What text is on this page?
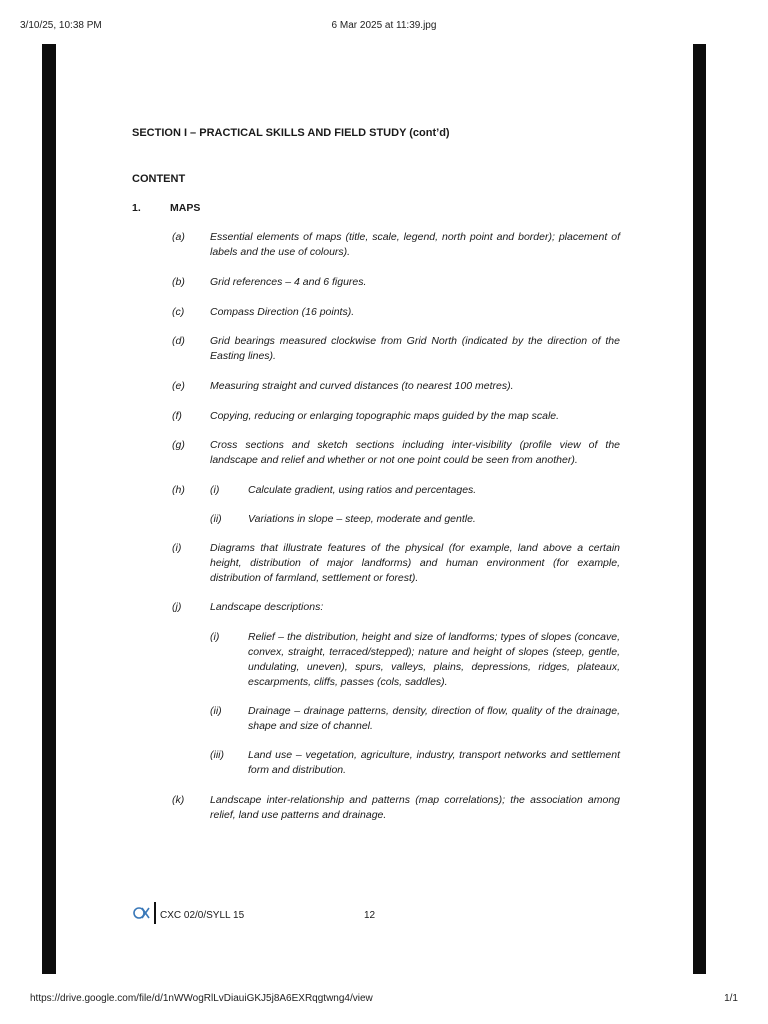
3/10/25, 10:38 PM	6 Mar 2025 at 11:39.jpg
SECTION I – PRACTICAL SKILLS AND FIELD STUDY (cont’d)
CONTENT
1.	MAPS
(a)	Essential elements of maps (title, scale, legend, north point and border); placement of labels and the use of colours).
(b)	Grid references – 4 and 6 figures.
(c)	Compass Direction (16 points).
(d)	Grid bearings measured clockwise from Grid North (indicated by the direction of the Easting lines).
(e)	Measuring straight and curved distances (to nearest 100 metres).
(f)	Copying, reducing or enlarging topographic maps guided by the map scale.
(g)	Cross sections and sketch sections including inter-visibility (profile view of the landscape and relief and whether or not one point could be seen from another).
(h)	(i)	Calculate gradient, using ratios and percentages.
(ii)	Variations in slope – steep, moderate and gentle.
(i)	Diagrams that illustrate features of the physical (for example, land above a certain height, distribution of major landforms) and human environment (for example, distribution of farmland, settlement or forest).
(j)	Landscape descriptions:
(i)	Relief – the distribution, height and size of landforms; types of slopes (concave, convex, straight, terraced/stepped); nature and height of slopes (steep, gentle, undulating, uneven), spurs, valleys, plains, depressions, ridges, plateaux, escarpments, cliffs, passes (cols, saddles).
(ii)	Drainage – drainage patterns, density, direction of flow, quality of the drainage, shape and size of channel.
(iii)	Land use – vegetation, agriculture, industry, transport networks and settlement form and distribution.
(k)	Landscape inter-relationship and patterns (map correlations); the association among relief, land use patterns and drainage.
CXC 02/0/SYLL 15	12
https://drive.google.com/file/d/1nWWogRlLvDiauiGKJ5j8A6EXRqgtwng4/view	1/1
